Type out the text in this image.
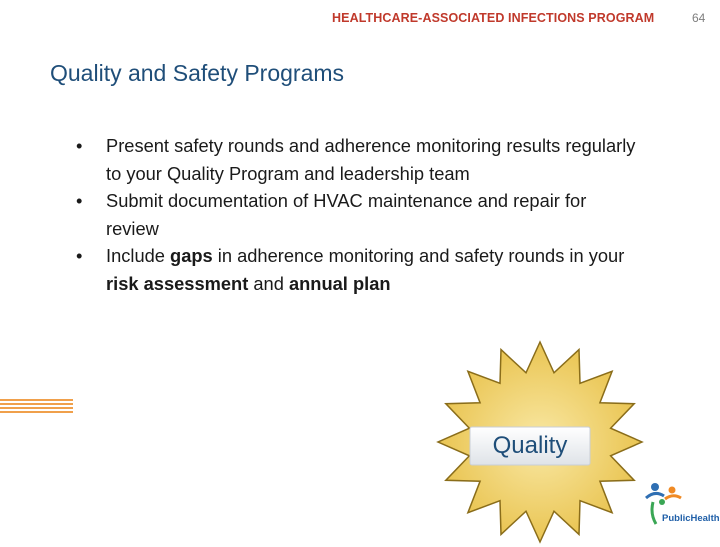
HEALTHCARE-ASSOCIATED INFECTIONS PROGRAM	64
Quality and Safety Programs
•	Present safety rounds and adherence monitoring results regularly to your Quality Program and leadership team
•	Submit documentation of HVAC maintenance and repair for review
•	Include gaps in adherence monitoring and safety rounds in your risk assessment and annual plan
Quality
PublicHealth
